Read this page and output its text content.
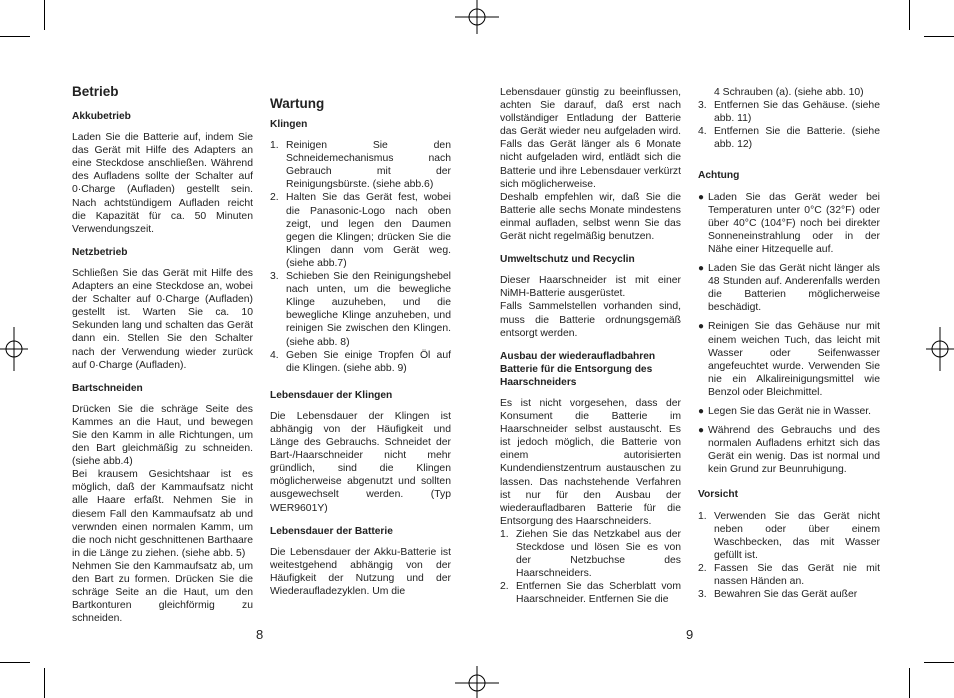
Betrieb
Akkubetrieb

Laden Sie die Batterie auf, indem Sie das Gerät mit Hilfe des Adapters an eine Steckdose anschließen. Während des Aufladens sollte der Schalter auf 0·Charge (Aufladen) gestellt sein. Nach achtstündigem Aufladen reicht die Kapazität für ca. 50 Minuten Verwendungszeit.

Netzbetrieb

Schließen Sie das Gerät mit Hilfe des Adapters an eine Steckdose an, wobei der Schalter auf 0·Charge (Aufladen) gestellt ist. Warten Sie ca. 10 Sekunden lang und schalten das Gerät dann ein. Stellen Sie den Schalter nach der Verwendung wieder zurück auf 0·Charge (Aufladen).

Bartschneiden

Drücken Sie die schräge Seite des Kammes an die Haut, und bewegen Sie den Kamm in alle Richtungen, um den Bart gleichmäßig zu schneiden. (siehe abb.4)

Bei krausem Gesichtshaar ist es möglich, daß der Kammaufsatz nicht alle Haare erfaßt. Nehmen Sie in diesem Fall den Kammaufsatz ab und verwnden einen normalen Kamm, um die noch nicht geschnittenen Barthaare in die Länge zu ziehen. (siehe abb. 5)

Nehmen Sie den Kammaufsatz ab, um den Bart zu formen. Drücken Sie die schräge Seite an die Haut, um den Bartkonturen gleichförmig zu schneiden.

Wartung
Klingen
1. Reinigen Sie den Schneidemechanismus nach Gebrauch mit der Reinigungsbürste. (siehe abb.6)
2. Halten Sie das Gerät fest, wobei die Panasonic-Logo nach oben zeigt, und legen den Daumen gegen die Klingen; drücken Sie die Klingen dann vom Gerät weg. (siehe abb.7)
3. Schieben Sie den Reinigungshebel nach unten, um die bewegliche Klinge auzuheben, und die bewegliche Klinge anzuheben, und reinigen Sie zwischen den Klingen. (siehe abb. 8)
4. Geben Sie einige Tropfen Öl auf die Klingen. (siehe abb. 9)
Lebensdauer der Klingen

Die Lebensdauer der Klingen ist abhängig von der Häufigkeit und Länge des Gebrauchs. Schneidet der Bart-/Haarschneider nicht mehr gründlich, sind die Klingen möglicherweise abgenutzt und sollten ausgewechselt werden. (Typ WER9601Y)

Lebensdauer der Batterie

Die Lebensdauer der Akku-Batterie ist weitestgehend abhängig von der Häufigkeit der Nutzung und der Wiederaufladezyklen. Um die

Lebensdauer günstig zu beeinflussen, achten Sie darauf, daß erst nach vollständiger Entladung der Batterie das Gerät wieder neu aufgeladen wird. Falls das Gerät länger als 6 Monate nicht aufgeladen wird, entlädt sich die Batterie und ihre Lebensdauer verkürzt sich möglicherweise.

Deshalb empfehlen wir, daß Sie die Batterie alle sechs Monate mindestens einmal aufladen, selbst wenn Sie das Gerät nicht regelmäßig benutzen.

Umweltschutz und Recyclin

Dieser Haarschneider ist mit einer NiMH-Batterie ausgerüstet.

Falls Sammelstellen vorhanden sind, muss die Batterie ordnungsgemäß entsorgt werden.

Ausbau der wiederaufladbahren Batterie für die Entsorgung des Haarschneiders

Es ist nicht vorgesehen, dass der Konsument die Batterie im Haarschneider selbst austauscht. Es ist jedoch möglich, die Batterie von einem autorisierten Kundendienstzentrum austauschen zu lassen. Das nachstehende Verfahren ist nur für den Ausbau der wiederaufladbaren Batterie für die Entsorgung des Haarschneiders.

1. Ziehen Sie das Netzkabel aus der Steckdose und lösen Sie es von der Netzbuchse des Haarschneiders.
2. Entfernen Sie das Scherblatt vom Haarschneider. Entfernen Sie die

4 Schrauben (a). (siehe abb. 10)

3. Entfernen Sie das Gehäuse. (siehe abb. 11)
4. Entfernen Sie die Batterie. (siehe abb. 12)
Achtung
● Laden Sie das Gerät weder bei Temperaturen unter 0°C (32°F) oder über 40°C (104°F) noch bei direkter Sonneneinstrahlung oder in der Nähe einer Hitzequelle auf.
● Laden Sie das Gerät nicht länger als 48 Stunden auf. Anderenfalls werden die Batterien möglicherweise beschädigt.
● Reinigen Sie das Gehäuse nur mit einem weichen Tuch, das leicht mit Wasser oder Seifenwasser angefeuchtet wurde. Verwenden Sie nie ein Alkalireinigungsmittel wie Benzol oder Bleichmittel.
● Legen Sie das Gerät nie in Wasser.
● Während des Gebrauchs und des normalen Aufladens erhitzt sich das Gerät ein wenig. Das ist normal und kein Grund zur Beunruhigung.
Vorsicht
1. Verwenden Sie das Gerät nicht neben oder über einem Waschbecken, das mit Wasser gefüllt ist.
2. Fassen Sie das Gerät nie mit nassen Händen an.
3. Bewahren Sie das Gerät außer
8	9
